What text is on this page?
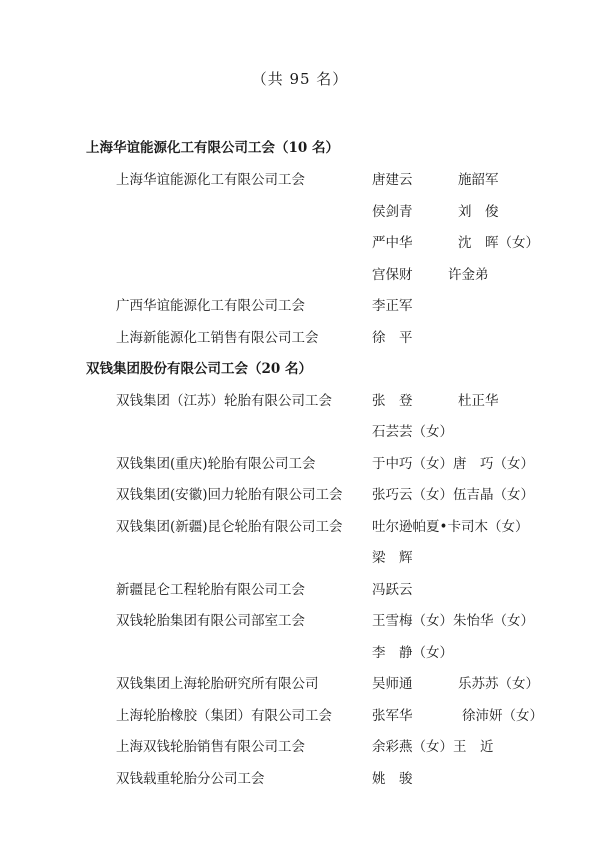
（共 95 名）
上海华谊能源化工有限公司工会（10 名）
上海华谊能源化工有限公司工会	唐建云	施韶军
侯剑青	刘　俊
严中华	沈　晖（女）
宫保财	许金弟
广西华谊能源化工有限公司工会	李正军
上海新能源化工销售有限公司工会	徐　平
双钱集团股份有限公司工会（20 名）
双钱集团（江苏）轮胎有限公司工会	张　登	杜正华
石芸芸（女）
双钱集团(重庆)轮胎有限公司工会	于中巧（女）唐　巧（女）
双钱集团(安徽)回力轮胎有限公司工会 张巧云（女）伍吉晶（女）
双钱集团(新疆)昆仑轮胎有限公司工会 吐尔逊帕夏•卡司木（女）
梁　辉
新疆昆仑工程轮胎有限公司工会	冯跃云
双钱轮胎集团有限公司部室工会	王雪梅（女）朱怡华（女）
李　静（女）
双钱集团上海轮胎研究所有限公司	吴师通	乐苏苏（女）
上海轮胎橡胶（集团）有限公司工会	张军华	徐沛妍（女）
上海双钱轮胎销售有限公司工会	余彩燕（女）王　近
双钱载重轮胎分公司工会	姚　骏
